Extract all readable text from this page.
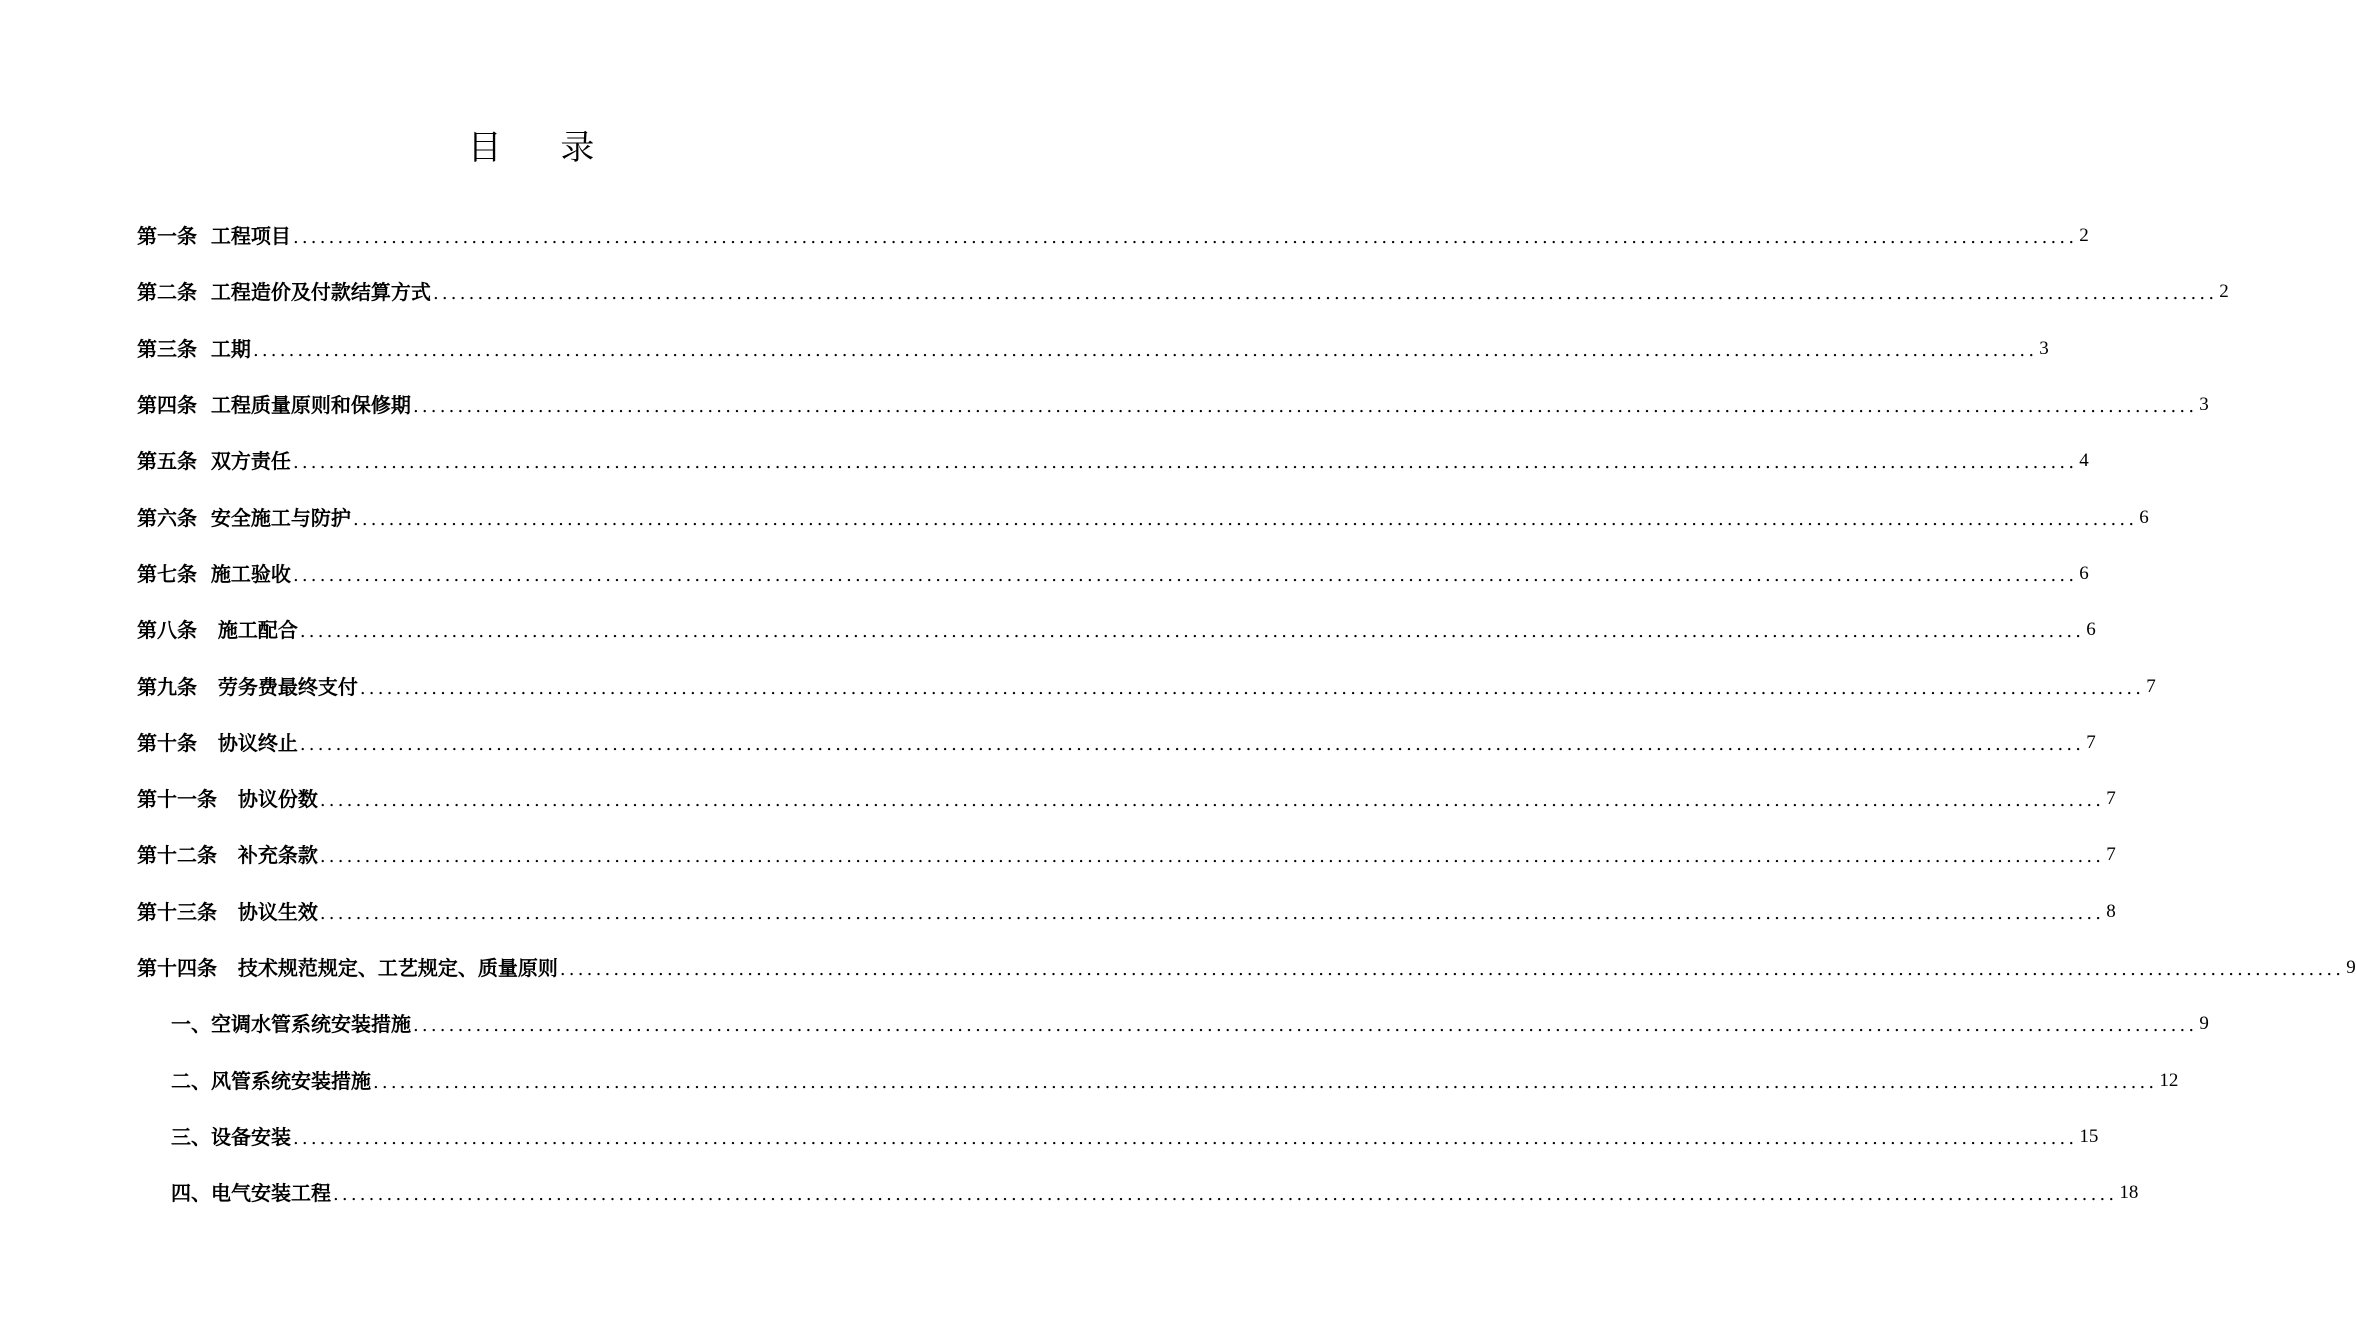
目 录
第一条  工程项目 ........................................................................................................................................................................................................ 2
第二条  工程造价及付款结算方式 ........................................................................................................................................................................................................ 2
第三条  工期 ........................................................................................................................................................................................................ 3
第四条  工程质量原则和保修期 ........................................................................................................................................................................................................ 3
第五条  双方责任 ........................................................................................................................................................................................................ 4
第六条  安全施工与防护 ........................................................................................................................................................................................................ 6
第七条  施工验收 ........................................................................................................................................................................................................ 6
第八条   施工配合 ........................................................................................................................................................................................................ 6
第九条   劳务费最终支付 ........................................................................................................................................................................................................ 7
第十条   协议终止 ........................................................................................................................................................................................................ 7
第十一条   协议份数 ........................................................................................................................................................................................................ 7
第十二条   补充条款 ........................................................................................................................................................................................................ 7
第十三条   协议生效 ........................................................................................................................................................................................................ 8
第十四条   技术规范规定、工艺规定、质量原则 ........................................................................................................................................................................................................ 9
一、空调水管系统安装措施 ........................................................................................................................................................................................................ 9
二、风管系统安装措施 ........................................................................................................................................................................................................ 12
三、设备安装 ........................................................................................................................................................................................................ 15
四、电气安装工程 ........................................................................................................................................................................................................ 18
